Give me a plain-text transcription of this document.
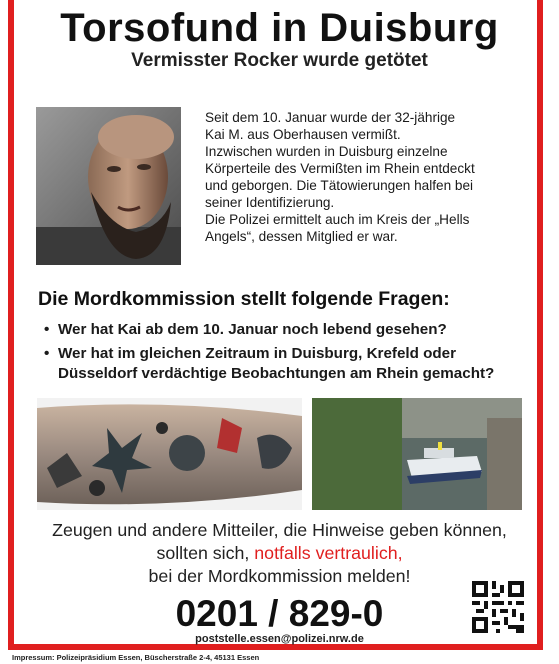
Torsofund in Duisburg
Vermisster Rocker wurde getötet

Seit dem 10. Januar wurde der 32-jährige

Kai M. aus Oberhausen vermißt.

Inzwischen wurden in Duisburg einzelne

Körperteile des Vermißten im Rhein entdeckt

und geborgen. Die Tätowierungen halfen bei

seiner Identifizierung.

Die Polizei ermittelt auch im Kreis der „Hells

Angels“, dessen Mitglied er war.

Die Mordkommission stellt folgende Fragen:
• Wer hat Kai ab dem 10. Januar noch lebend gesehen?
• Wer hat im gleichen Zeitraum in Duisburg, Krefeld oder Düsseldorf verdächtige Beobachtungen am Rhein gemacht?
Zeugen und andere Mitteiler, die Hinweise geben können,
sollten sich, notfalls vertraulich,
bei der Mordkommission melden!
0201 / 829-0
poststelle.essen@polizei.nrw.de
Impressum: Polizeipräsidium Essen, Büscherstraße 2-4, 45131 Essen
